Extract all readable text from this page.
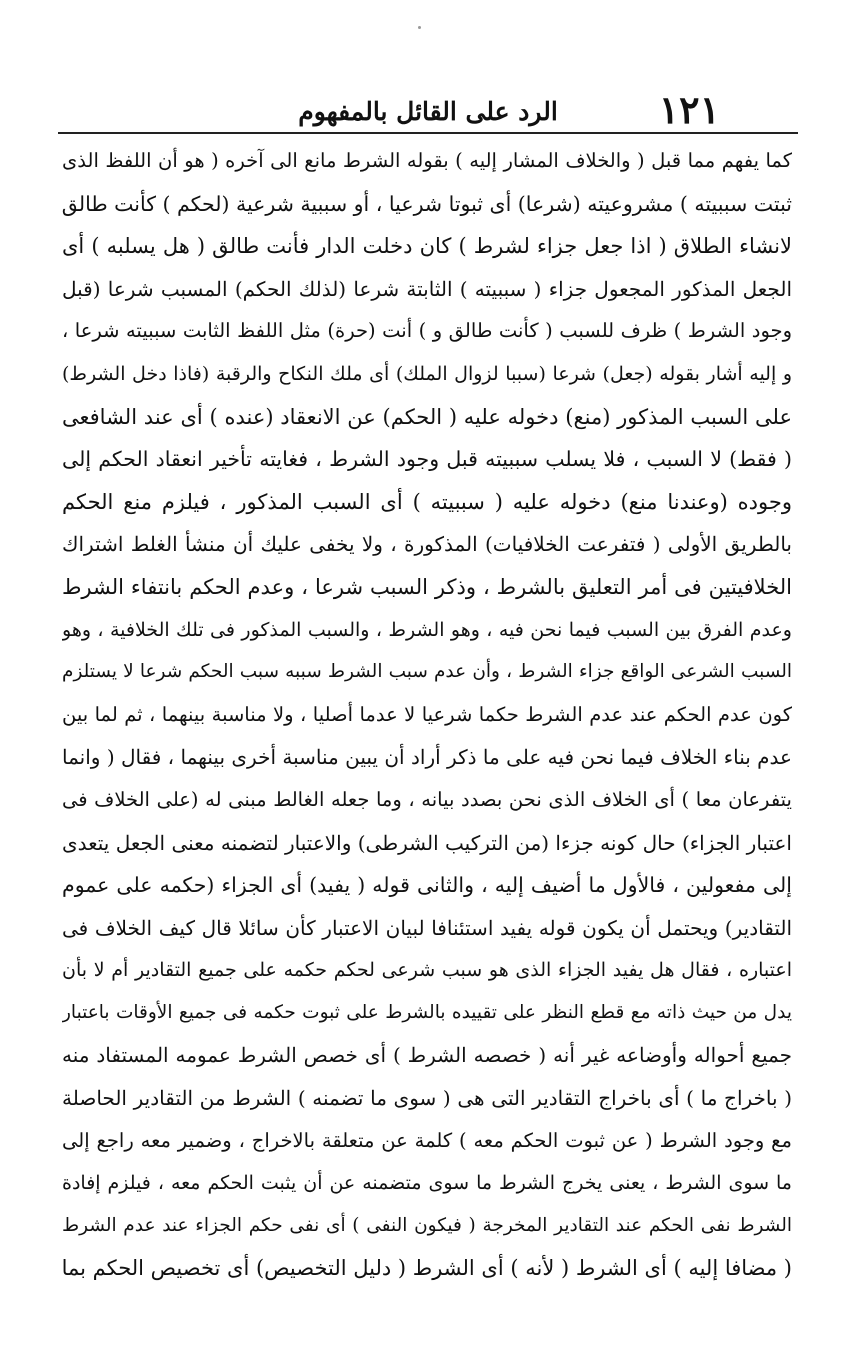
١٢١
الرد على القائل بالمفهوم
كما يفهم مما قبل ( والخلاف المشار إليه ) بقوله الشرط مانع الى آخره ( هو أن اللفظ الذى
ثبتت سببيته ) مشروعيته (شرعا) أى ثبوتا شرعيا ، أو سببية شرعية (لحكم ) كأنت طالق
لانشاء الطلاق ( اذا جعل جزاء لشرط ) كان دخلت الدار فأنت طالق ( هل يسلبه ) أى
الجعل المذكور المجعول جزاء ( سببيته ) الثابتة شرعا (لذلك الحكم) المسبب شرعا (قبل
وجود الشرط ) ظرف للسبب ( كأنت طالق و ) أنت (حرة) مثل اللفظ الثابت سببيته شرعا ،
و إليه أشار بقوله (جعل) شرعا (سببا لزوال الملك) أى ملك النكاح والرقبة (فاذا دخل الشرط)
على السبب المذكور (منع) دخوله عليه ( الحكم) عن الانعقاد (عنده ) أى عند الشافعى
( فقط) لا السبب ، فلا يسلب سببيته قبل وجود الشرط ، فغايته تأخير انعقاد الحكم إلى
وجوده (وعندنا منع) دخوله عليه ( سببيته ) أى السبب المذكور ، فيلزم منع الحكم
بالطريق الأولى ( فتفرعت الخلافيات) المذكورة ، ولا يخفى عليك أن منشأ الغلط اشتراك
الخلافيتين فى أمر التعليق بالشرط ، وذكر السبب شرعا ، وعدم الحكم بانتفاء الشرط
وعدم الفرق بين السبب فيما نحن فيه ، وهو الشرط ، والسبب المذكور فى تلك الخلافية ، وهو
السبب الشرعى الواقع جزاء الشرط ، وأن عدم سبب الشرط سببه سبب الحكم شرعا لا يستلزم
كون عدم الحكم عند عدم الشرط حكما شرعيا لا عدما أصليا ، ولا مناسبة بينهما ، ثم لما بين
عدم بناء الخلاف فيما نحن فيه على ما ذكر أراد أن يبين مناسبة أخرى بينهما ، فقال ( وانما
يتفرعان معا ) أى الخلاف الذى نحن بصدد بيانه ، وما جعله الغالط مبنى له (على الخلاف فى
اعتبار الجزاء) حال كونه جزءا (من التركيب الشرطى) والاعتبار لتضمنه معنى الجعل يتعدى
إلى مفعولين ، فالأول ما أضيف إليه ، والثانى قوله ( يفيد) أى الجزاء (حكمه على عموم
التقادير) ويحتمل أن يكون قوله يفيد استئنافا لبيان الاعتبار كأن سائلا قال كيف الخلاف فى
اعتباره ، فقال هل يفيد الجزاء الذى هو سبب شرعى لحكم حكمه على جميع التقادير أم لا بأن
يدل من حيث ذاته مع قطع النظر على تقييده بالشرط على ثبوت حكمه فى جميع الأوقات باعتبار
جميع أحواله وأوضاعه غير أنه ( خصصه الشرط ) أى خصص الشرط عمومه المستفاد منه
( باخراج ما ) أى باخراج التقادير التى هى ( سوى ما تضمنه ) الشرط من التقادير الحاصلة
مع وجود الشرط ( عن ثبوت الحكم معه ) كلمة عن متعلقة بالاخراج ، وضمير معه راجع إلى
ما سوى الشرط ، يعنى يخرج الشرط ما سوى متضمنه عن أن يثبت الحكم معه ، فيلزم إفادة
الشرط نفى الحكم عند التقادير المخرجة ( فيكون النفى ) أى نفى حكم الجزاء عند عدم الشرط
( مضافا إليه ) أى الشرط ( لأنه ) أى الشرط ( دليل التخصيص) أى تخصيص الحكم بما
